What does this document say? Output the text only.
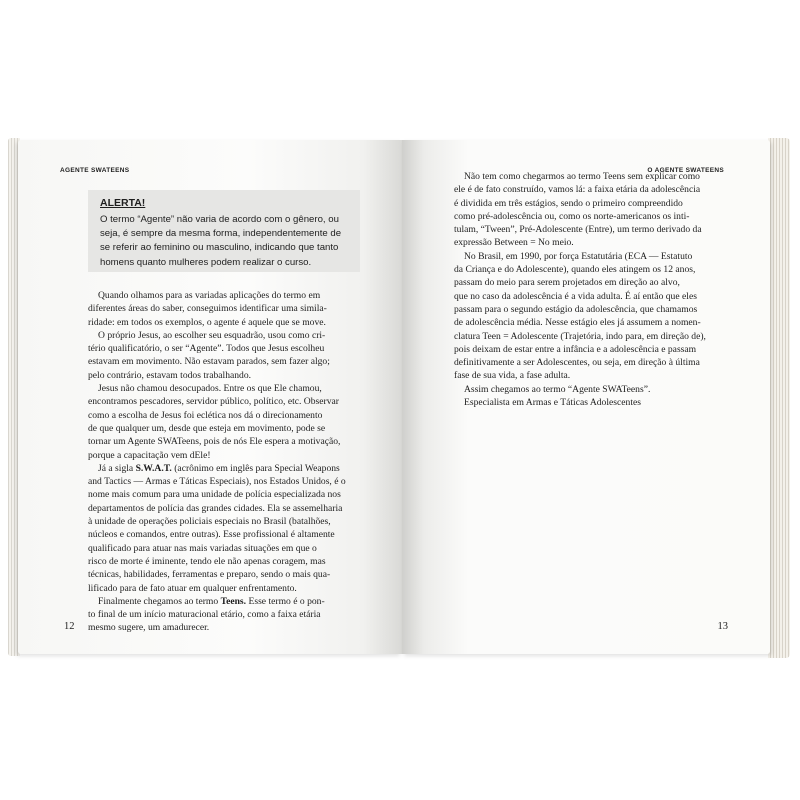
AGENTE SWATEENS
ALERTA!
O termo “Agente” não varia de acordo com o gênero, ou
seja, é sempre da mesma forma, independentemente de
se referir ao feminino ou masculino, indicando que tanto
homens quanto mulheres podem realizar o curso.
Quando olhamos para as variadas aplicações do termo em
diferentes áreas do saber, conseguimos identificar uma simila-
ridade: em todos os exemplos, o agente é aquele que se move.
O próprio Jesus, ao escolher seu esquadrão, usou como cri-
tério qualificatório, o ser “Agente”. Todos que Jesus escolheu
estavam em movimento. Não estavam parados, sem fazer algo;
pelo contrário, estavam todos trabalhando.
Jesus não chamou desocupados. Entre os que Ele chamou,
encontramos pescadores, servidor público, político, etc. Observar
como a escolha de Jesus foi eclética nos dá o direcionamento
de que qualquer um, desde que esteja em movimento, pode se
tornar um Agente SWATeens, pois de nós Ele espera a motivação,
porque a capacitação vem dEle!
Já a sigla S.W.A.T. (acrônimo em inglês para Special Weapons
and Tactics — Armas e Táticas Especiais), nos Estados Unidos, é o
nome mais comum para uma unidade de polícia especializada nos
departamentos de polícia das grandes cidades. Ela se assemelharia
à unidade de operações policiais especiais no Brasil (batalhões,
núcleos e comandos, entre outras). Esse profissional é altamente
qualificado para atuar nas mais variadas situações em que o
risco de morte é iminente, tendo ele não apenas coragem, mas
técnicas, habilidades, ferramentas e preparo, sendo o mais qua-
lificado para de fato atuar em qualquer enfrentamento.
Finalmente chegamos ao termo Teens. Esse termo é o pon-
to final de um início maturacional etário, como a faixa etária
mesmo sugere, um amadurecer.
12
O AGENTE SWATEENS
Não tem como chegarmos ao termo Teens sem explicar como
ele é de fato construído, vamos lá: a faixa etária da adolescência
é dividida em três estágios, sendo o primeiro compreendido
como pré-adolescência ou, como os norte-americanos os inti-
tulam, “Tween”, Pré-Adolescente (Entre), um termo derivado da
expressão Between = No meio.
No Brasil, em 1990, por força Estatutária (ECA — Estatuto
da Criança e do Adolescente), quando eles atingem os 12 anos,
passam do meio para serem projetados em direção ao alvo,
que no caso da adolescência é a vida adulta. É aí então que eles
passam para o segundo estágio da adolescência, que chamamos
de adolescência média. Nesse estágio eles já assumem a nomen-
clatura Teen = Adolescente (Trajetória, indo para, em direção de),
pois deixam de estar entre a infância e a adolescência e passam
definitivamente a ser Adolescentes, ou seja, em direção à última
fase de sua vida, a fase adulta.
Assim chegamos ao termo “Agente SWATeens”.
Especialista em Armas e Táticas Adolescentes
13
